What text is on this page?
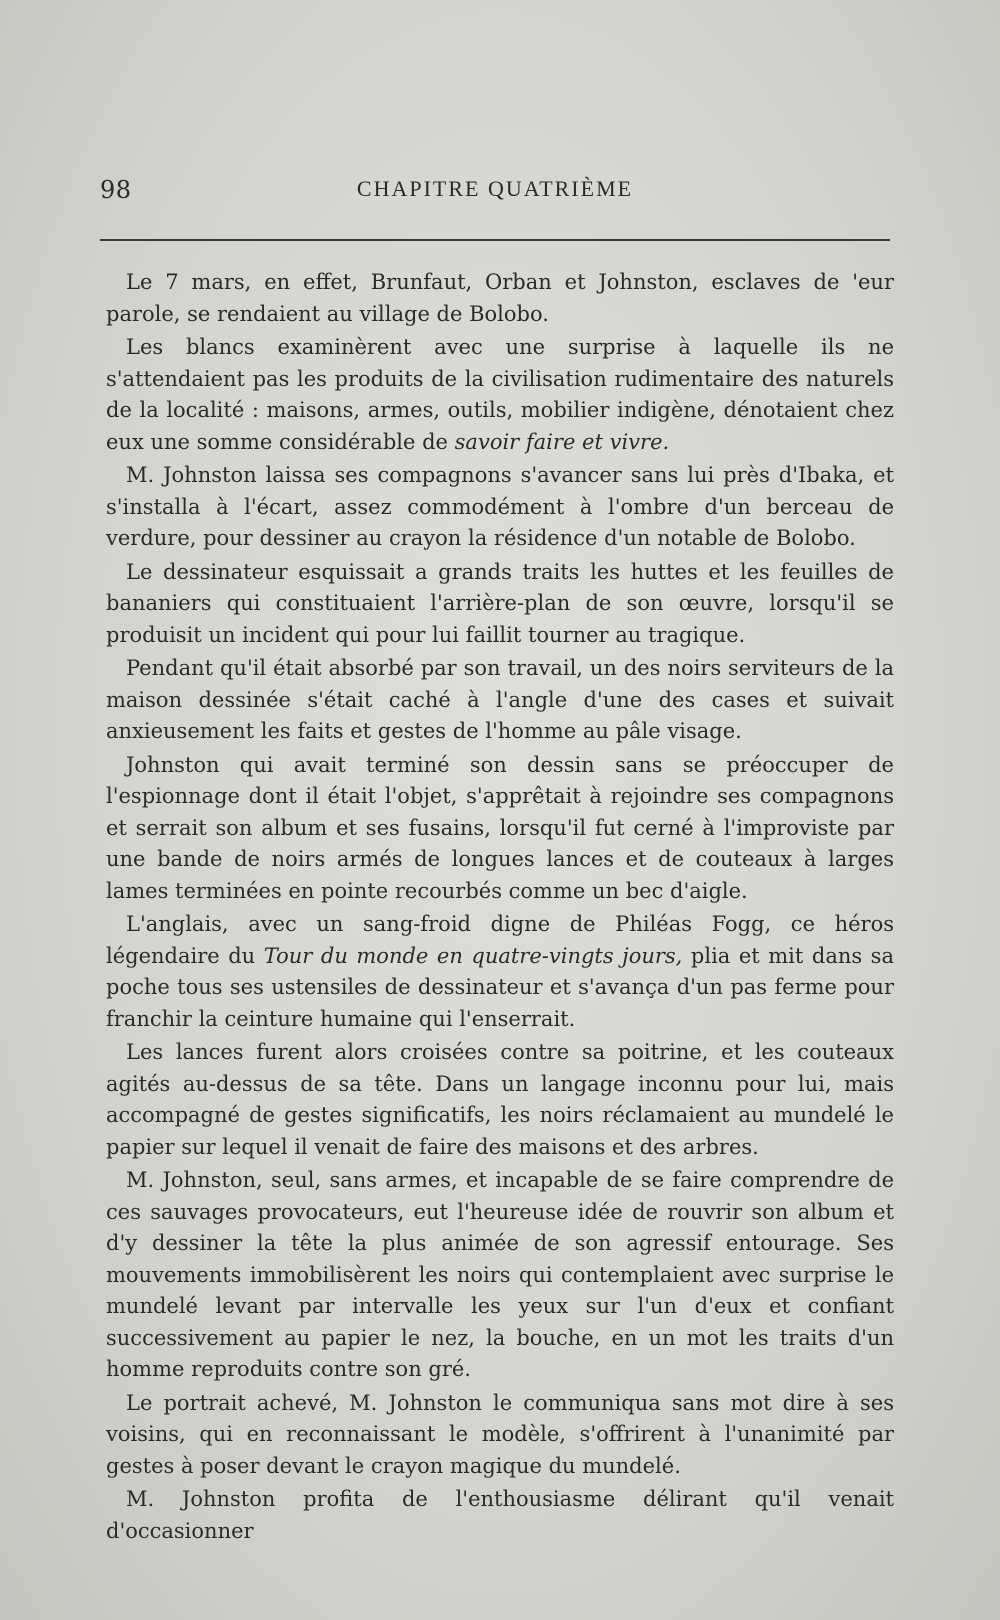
98	CHAPITRE QUATRIÈME

Le 7 mars, en effet, Brunfaut, Orban et Johnston, esclaves de 'eur parole, se rendaient au village de Bolobo.

Les blancs examinèrent avec une surprise à laquelle ils ne s'attendaient pas les produits de la civilisation rudimentaire des naturels de la localité : maisons, armes, outils, mobilier indigène, dénotaient chez eux une somme considérable de savoir faire et vivre.

M. Johnston laissa ses compagnons s'avancer sans lui près d'Ibaka, et s'installa à l'écart, assez commodément à l'ombre d'un berceau de verdure, pour dessiner au crayon la résidence d'un notable de Bolobo.

Le dessinateur esquissait a grands traits les huttes et les feuilles de bananiers qui constituaient l'arrière-plan de son œuvre, lorsqu'il se produisit un incident qui pour lui faillit tourner au tragique.

Pendant qu'il était absorbé par son travail, un des noirs serviteurs de la maison dessinée s'était caché à l'angle d'une des cases et suivait anxieusement les faits et gestes de l'homme au pâle visage.

Johnston qui avait terminé son dessin sans se préoccuper de l'espionnage dont il était l'objet, s'apprêtait à rejoindre ses compagnons et serrait son album et ses fusains, lorsqu'il fut cerné à l'improviste par une bande de noirs armés de longues lances et de couteaux à larges lames terminées en pointe recourbés comme un bec d'aigle.

L'anglais, avec un sang-froid digne de Philéas Fogg, ce héros légendaire du Tour du monde en quatre-vingts jours, plia et mit dans sa poche tous ses ustensiles de dessinateur et s'avança d'un pas ferme pour franchir la ceinture humaine qui l'enserrait.

Les lances furent alors croisées contre sa poitrine, et les couteaux agités au-dessus de sa tête. Dans un langage inconnu pour lui, mais accompagné de gestes significatifs, les noirs réclamaient au mundelé le papier sur lequel il venait de faire des maisons et des arbres.

M. Johnston, seul, sans armes, et incapable de se faire comprendre de ces sauvages provocateurs, eut l'heureuse idée de rouvrir son album et d'y dessiner la tête la plus animée de son agressif entourage. Ses mouvements immobilisèrent les noirs qui contemplaient avec surprise le mundelé levant par intervalle les yeux sur l'un d'eux et confiant successivement au papier le nez, la bouche, en un mot les traits d'un homme reproduits contre son gré.

Le portrait achevé, M. Johnston le communiqua sans mot dire à ses voisins, qui en reconnaissant le modèle, s'offrirent à l'unanimité par gestes à poser devant le crayon magique du mundelé.

M. Johnston profita de l'enthousiasme délirant qu'il venait d'occasionner
